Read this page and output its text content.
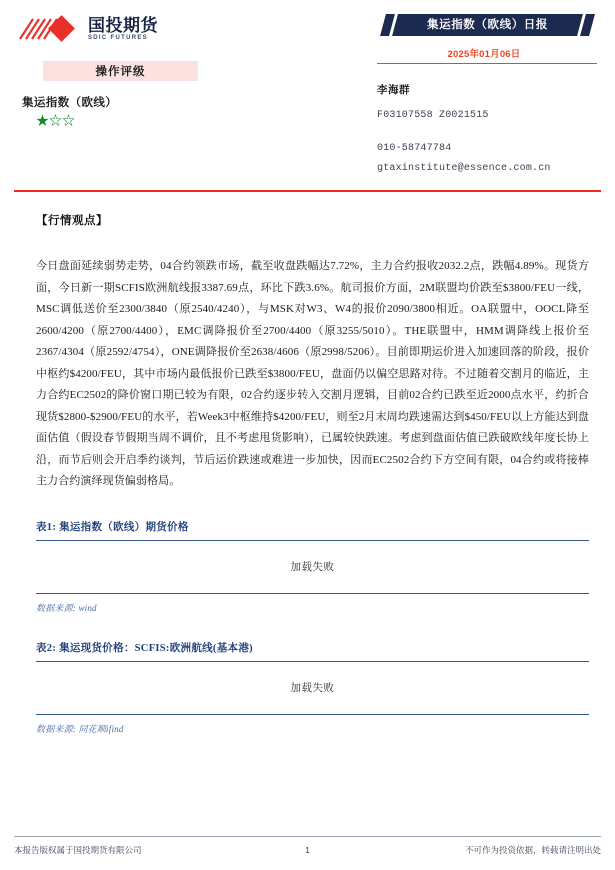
国投期货
SDIC FUTURES
操作评级
集运指数（欧线）
★☆☆
集运指数（欧线）日报
2025年01月06日
李海群
F03107558 Z0021515
010-58747784
gtaxinstitute@essence.com.cn
【行情观点】
今日盘面延续弱势走势，04合约领跌市场，截至收盘跌幅达7.72%，主力合约报收2032.2点，跌幅4.89%。现货方面，今日新一期SCFIS欧洲航线报3387.69点，环比下跌3.6%。航司报价方面，2M联盟均价跌至$3800/FEU一线，MSC调低送价至2300/3840（原2540/4240），与MSK对W3、W4的报价2090/3800相近。OA联盟中，OOCL降至2600/4200（原2700/4400），EMC调降报价至2700/4400（原3255/5010）。THE联盟中，HMM调降线上报价至2367/4304（原2592/4754），ONE调降报价至2638/4606（原2998/5206）。目前即期运价进入加速回落的阶段，报价中枢约$4200/FEU，其中市场内最低报价已跌至$3800/FEU，盘面仍以偏空思路对待。不过随着交割月的临近，主力合约EC2502的降价窗口期已较为有限，02合约逐步转入交割月逻辑，目前02合约已跌至近2000点水平，约折合现货$2800-$2900/FEU的水平，若Week3中枢维持$4200/FEU，则至2月末周均跌速需达到$450/FEU以上方能达到盘面估值（假设春节假期当周不调价，且不考虑甩货影响），已属较快跌速。考虑到盘面估值已跌破欧线年度长协上沿，而节后则会开启季约谈判，节后运价跌速或难进一步加快，因而EC2502合约下方空间有限，04合约或将接棒主力合约演绎现货偏弱格局。
表1: 集运指数（欧线）期货价格
加载失败
数据来源: wind
表2: 集运现货价格：SCFIS:欧洲航线(基本港)
加载失败
数据来源: 同花顺ifind
本报告版权属于国投期货有限公司	1	不可作为投资依据，转载请注明出处
